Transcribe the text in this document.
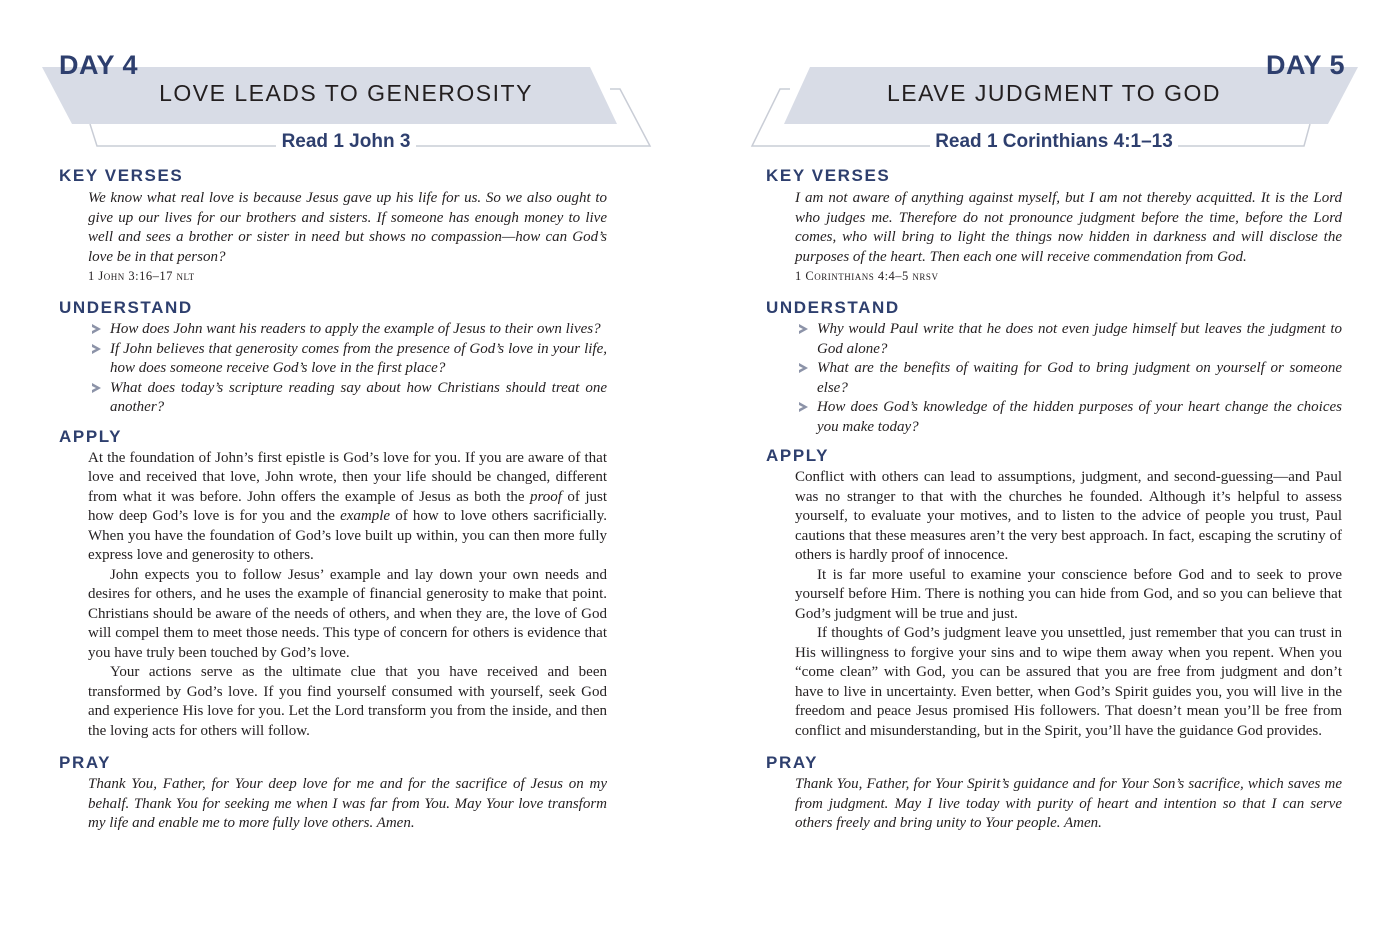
DAY 4
LOVE LEADS TO GENEROSITY
Read 1 John 3
KEY VERSES

We know what real love is because Jesus gave up his life for us. So we also ought to give up our lives for our brothers and sisters. If someone has enough money to live well and sees a brother or sister in need but shows no compassion—how can God’s love be in that person?

1 John 3:16–17 nlt

UNDERSTAND
How does John want his readers to apply the example of Jesus to their own lives?
If John believes that generosity comes from the presence of God’s love in your life, how does someone receive God’s love in the first place?
What does today’s scripture reading say about how Christians should treat one another?
APPLY

At the foundation of John’s first epistle is God’s love for you. If you are aware of that love and received that love, John wrote, then your life should be changed, different from what it was before. John offers the example of Jesus as both the proof of just how deep God’s love is for you and the example of how to love others sacrificially. When you have the foundation of God’s love built up within, you can then more fully express love and generosity to others.

John expects you to follow Jesus’ example and lay down your own needs and desires for others, and he uses the example of financial generosity to make that point. Christians should be aware of the needs of others, and when they are, the love of God will compel them to meet those needs. This type of concern for others is evidence that you have truly been touched by God’s love.

Your actions serve as the ultimate clue that you have received and been transformed by God’s love. If you find yourself consumed with yourself, seek God and experience His love for you. Let the Lord transform you from the inside, and then the loving acts for others will follow.

PRAY

Thank You, Father, for Your deep love for me and for the sacrifice of Jesus on my behalf. Thank You for seeking me when I was far from You. May Your love transform my life and enable me to more fully love others. Amen.

DAY 5
LEAVE JUDGMENT TO GOD
Read 1 Corinthians 4:1–13
KEY VERSES

I am not aware of anything against myself, but I am not thereby acquitted. It is the Lord who judges me. Therefore do not pronounce judgment before the time, before the Lord comes, who will bring to light the things now hidden in darkness and will disclose the purposes of the heart. Then each one will receive commendation from God.

1 Corinthians 4:4–5 nrsv

UNDERSTAND
Why would Paul write that he does not even judge himself but leaves the judgment to God alone?
What are the benefits of waiting for God to bring judgment on yourself or someone else?
How does God’s knowledge of the hidden purposes of your heart change the choices you make today?
APPLY

Conflict with others can lead to assumptions, judgment, and second-guessing—and Paul was no stranger to that with the churches he founded. Although it’s helpful to assess yourself, to evaluate your motives, and to listen to the advice of people you trust, Paul cautions that these measures aren’t the very best approach. In fact, escaping the scrutiny of others is hardly proof of innocence.

It is far more useful to examine your conscience before God and to seek to prove yourself before Him. There is nothing you can hide from God, and so you can believe that God’s judgment will be true and just.

If thoughts of God’s judgment leave you unsettled, just remember that you can trust in His willingness to forgive your sins and to wipe them away when you repent. When you “come clean” with God, you can be assured that you are free from judgment and don’t have to live in uncertainty. Even better, when God’s Spirit guides you, you will live in the freedom and peace Jesus promised His followers. That doesn’t mean you’ll be free from conflict and misunderstanding, but in the Spirit, you’ll have the guidance God provides.

PRAY

Thank You, Father, for Your Spirit’s guidance and for Your Son’s sacrifice, which saves me from judgment. May I live today with purity of heart and intention so that I can serve others freely and bring unity to Your people. Amen.
